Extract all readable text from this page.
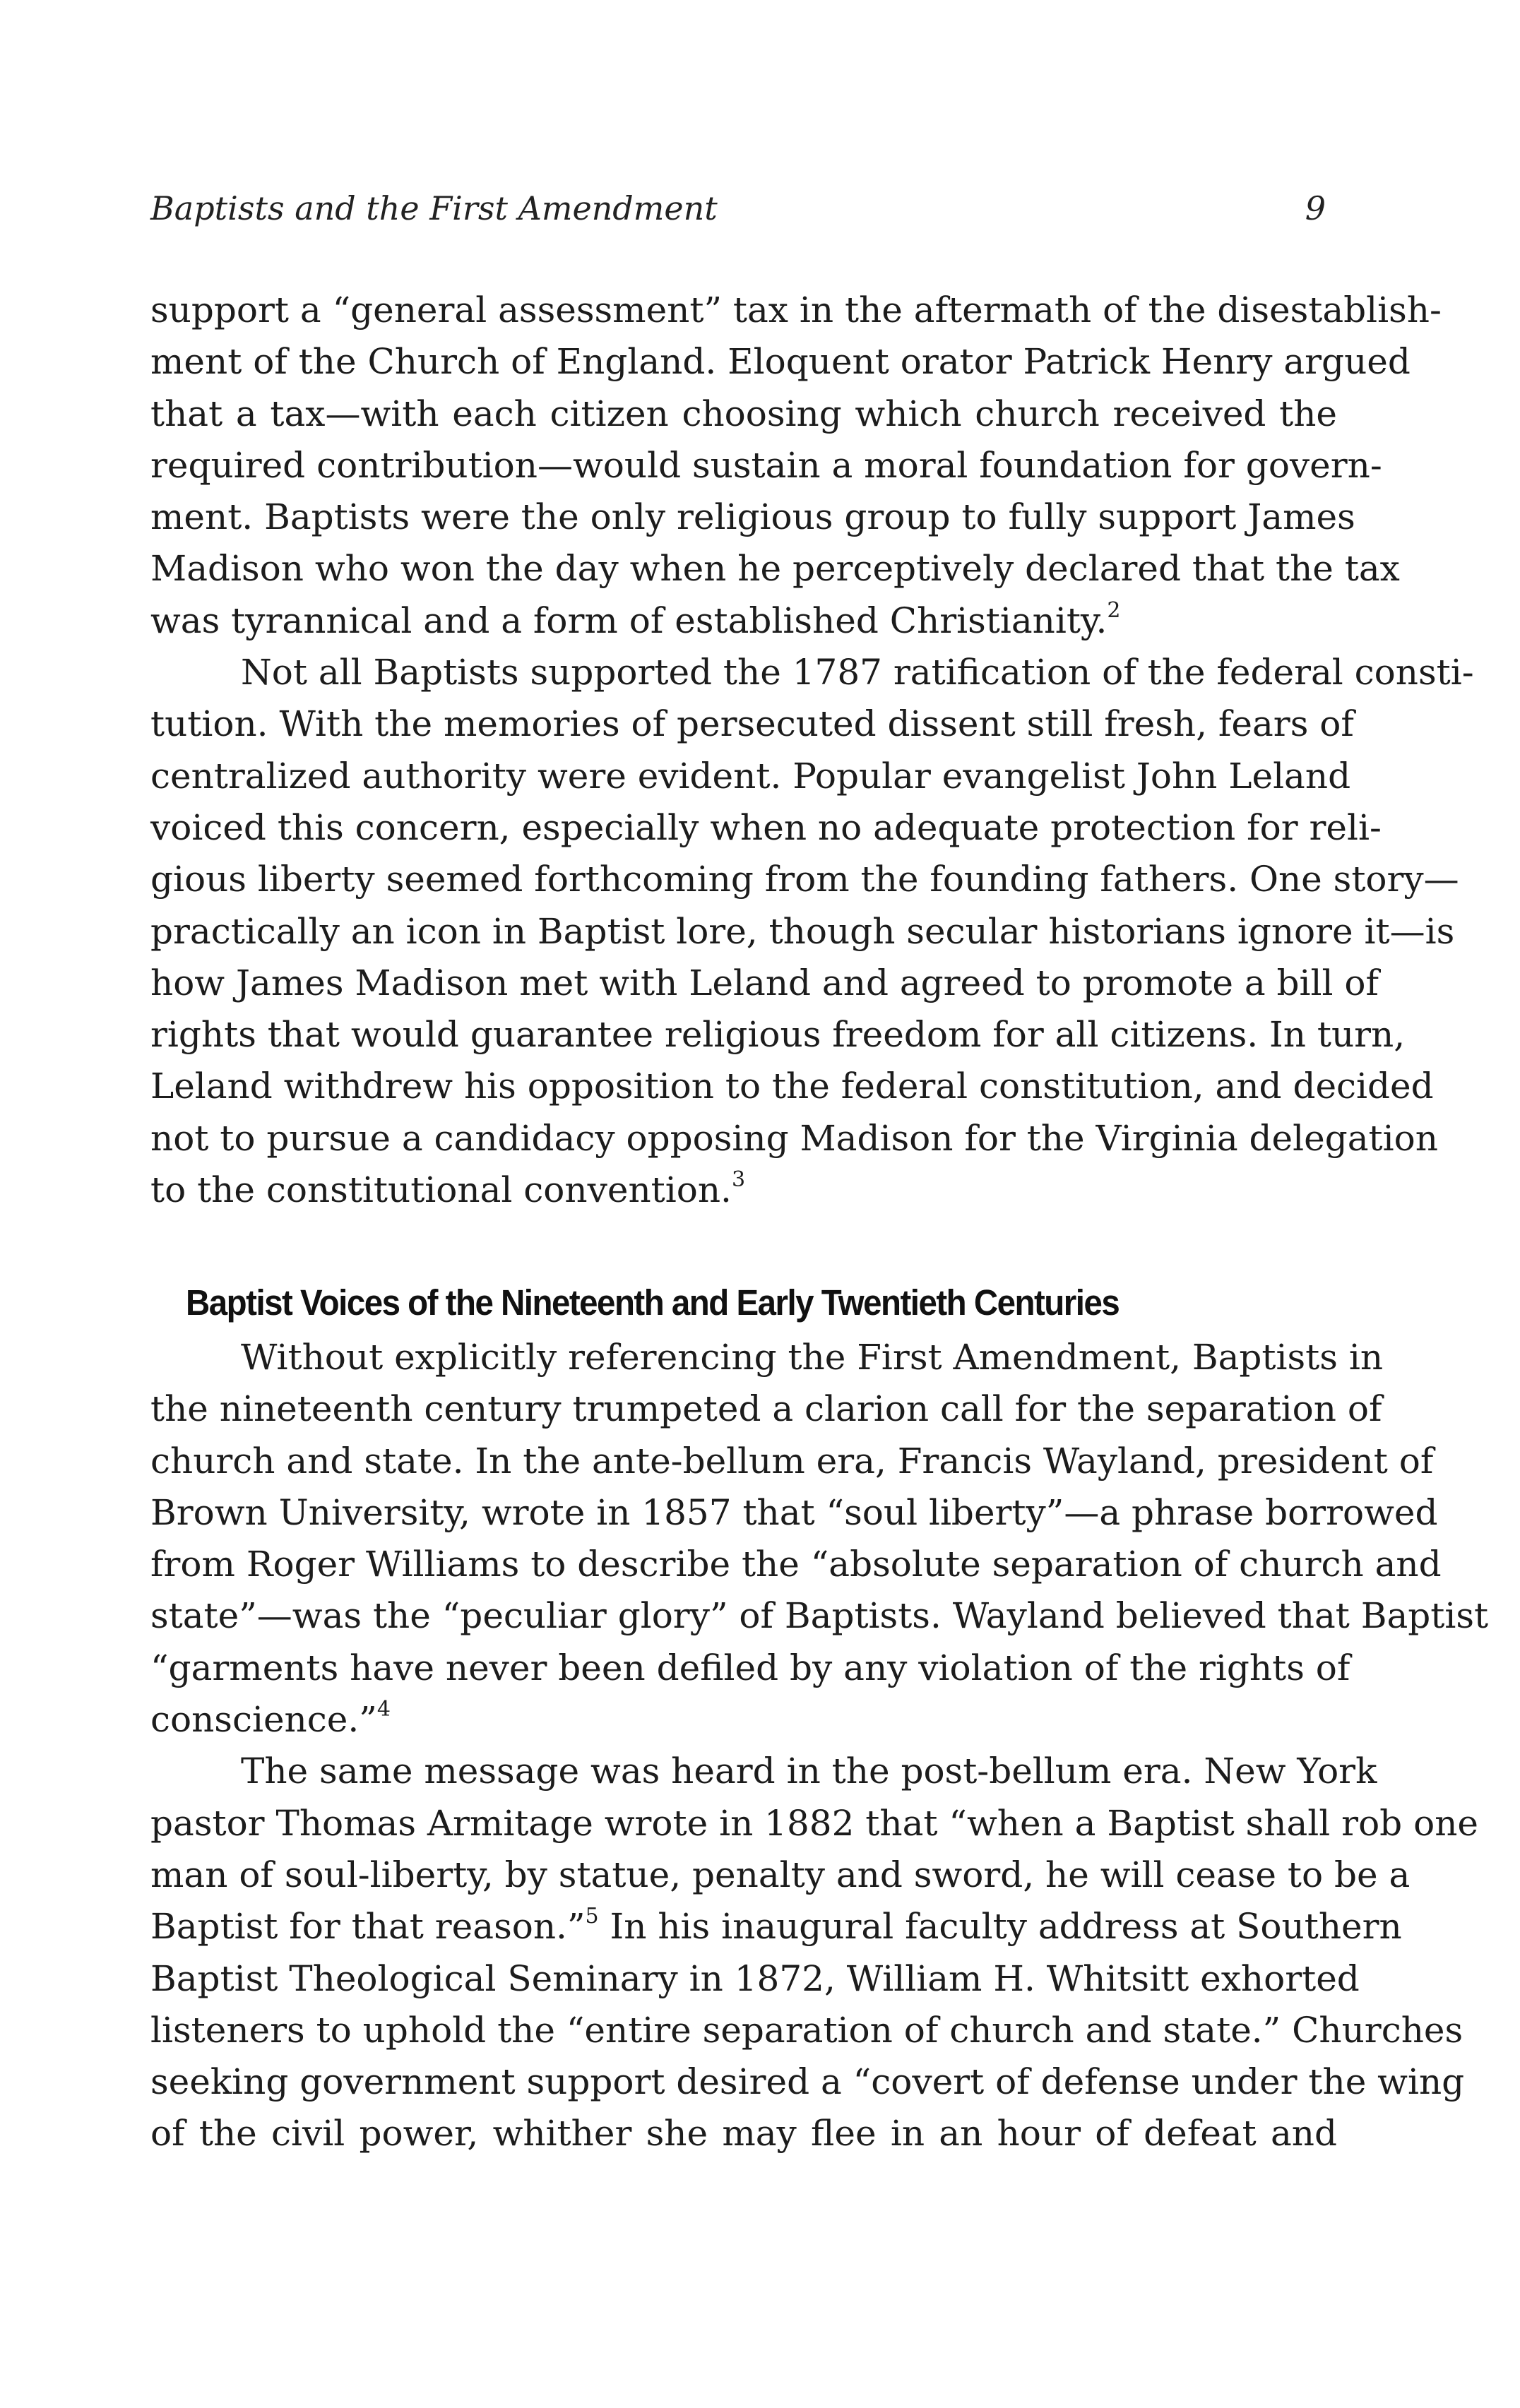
Baptists and the First Amendment	9
support a “general assessment” tax in the aftermath of the disestablish-
ment of the Church of England. Eloquent orator Patrick Henry argued
that a tax—with each citizen choosing which church received the
required contribution—would sustain a moral foundation for govern-
ment. Baptists were the only religious group to fully support James
Madison who won the day when he perceptively declared that the tax
was tyrannical and a form of established Christianity.$^2$
Not all Baptists supported the 1787 ratification of the federal consti-
tution. With the memories of persecuted dissent still fresh, fears of
centralized authority were evident. Popular evangelist John Leland
voiced this concern, especially when no adequate protection for reli-
gious liberty seemed forthcoming from the founding fathers. One story—
practically an icon in Baptist lore, though secular historians ignore it—is
how James Madison met with Leland and agreed to promote a bill of
rights that would guarantee religious freedom for all citizens. In turn,
Leland withdrew his opposition to the federal constitution, and decided
not to pursue a candidacy opposing Madison for the Virginia delegation
to the constitutional convention.$^3$
Baptist Voices of the Nineteenth and Early Twentieth Centuries
Without explicitly referencing the First Amendment, Baptists in
the nineteenth century trumpeted a clarion call for the separation of
church and state. In the ante-bellum era, Francis Wayland, president of
Brown University, wrote in 1857 that “soul liberty”—a phrase borrowed
from Roger Williams to describe the “absolute separation of church and
state”—was the “peculiar glory” of Baptists. Wayland believed that Baptist
“garments have never been defiled by any violation of the rights of
conscience.”$^4$
The same message was heard in the post-bellum era. New York
pastor Thomas Armitage wrote in 1882 that “when a Baptist shall rob one
man of soul-liberty, by statue, penalty and sword, he will cease to be a
Baptist for that reason.”$^5$ In his inaugural faculty address at Southern
Baptist Theological Seminary in 1872, William H. Whitsitt exhorted
listeners to uphold the “entire separation of church and state.” Churches
seeking government support desired a “covert of defense under the wing
of the civil power, whither she may flee in an hour of defeat and
